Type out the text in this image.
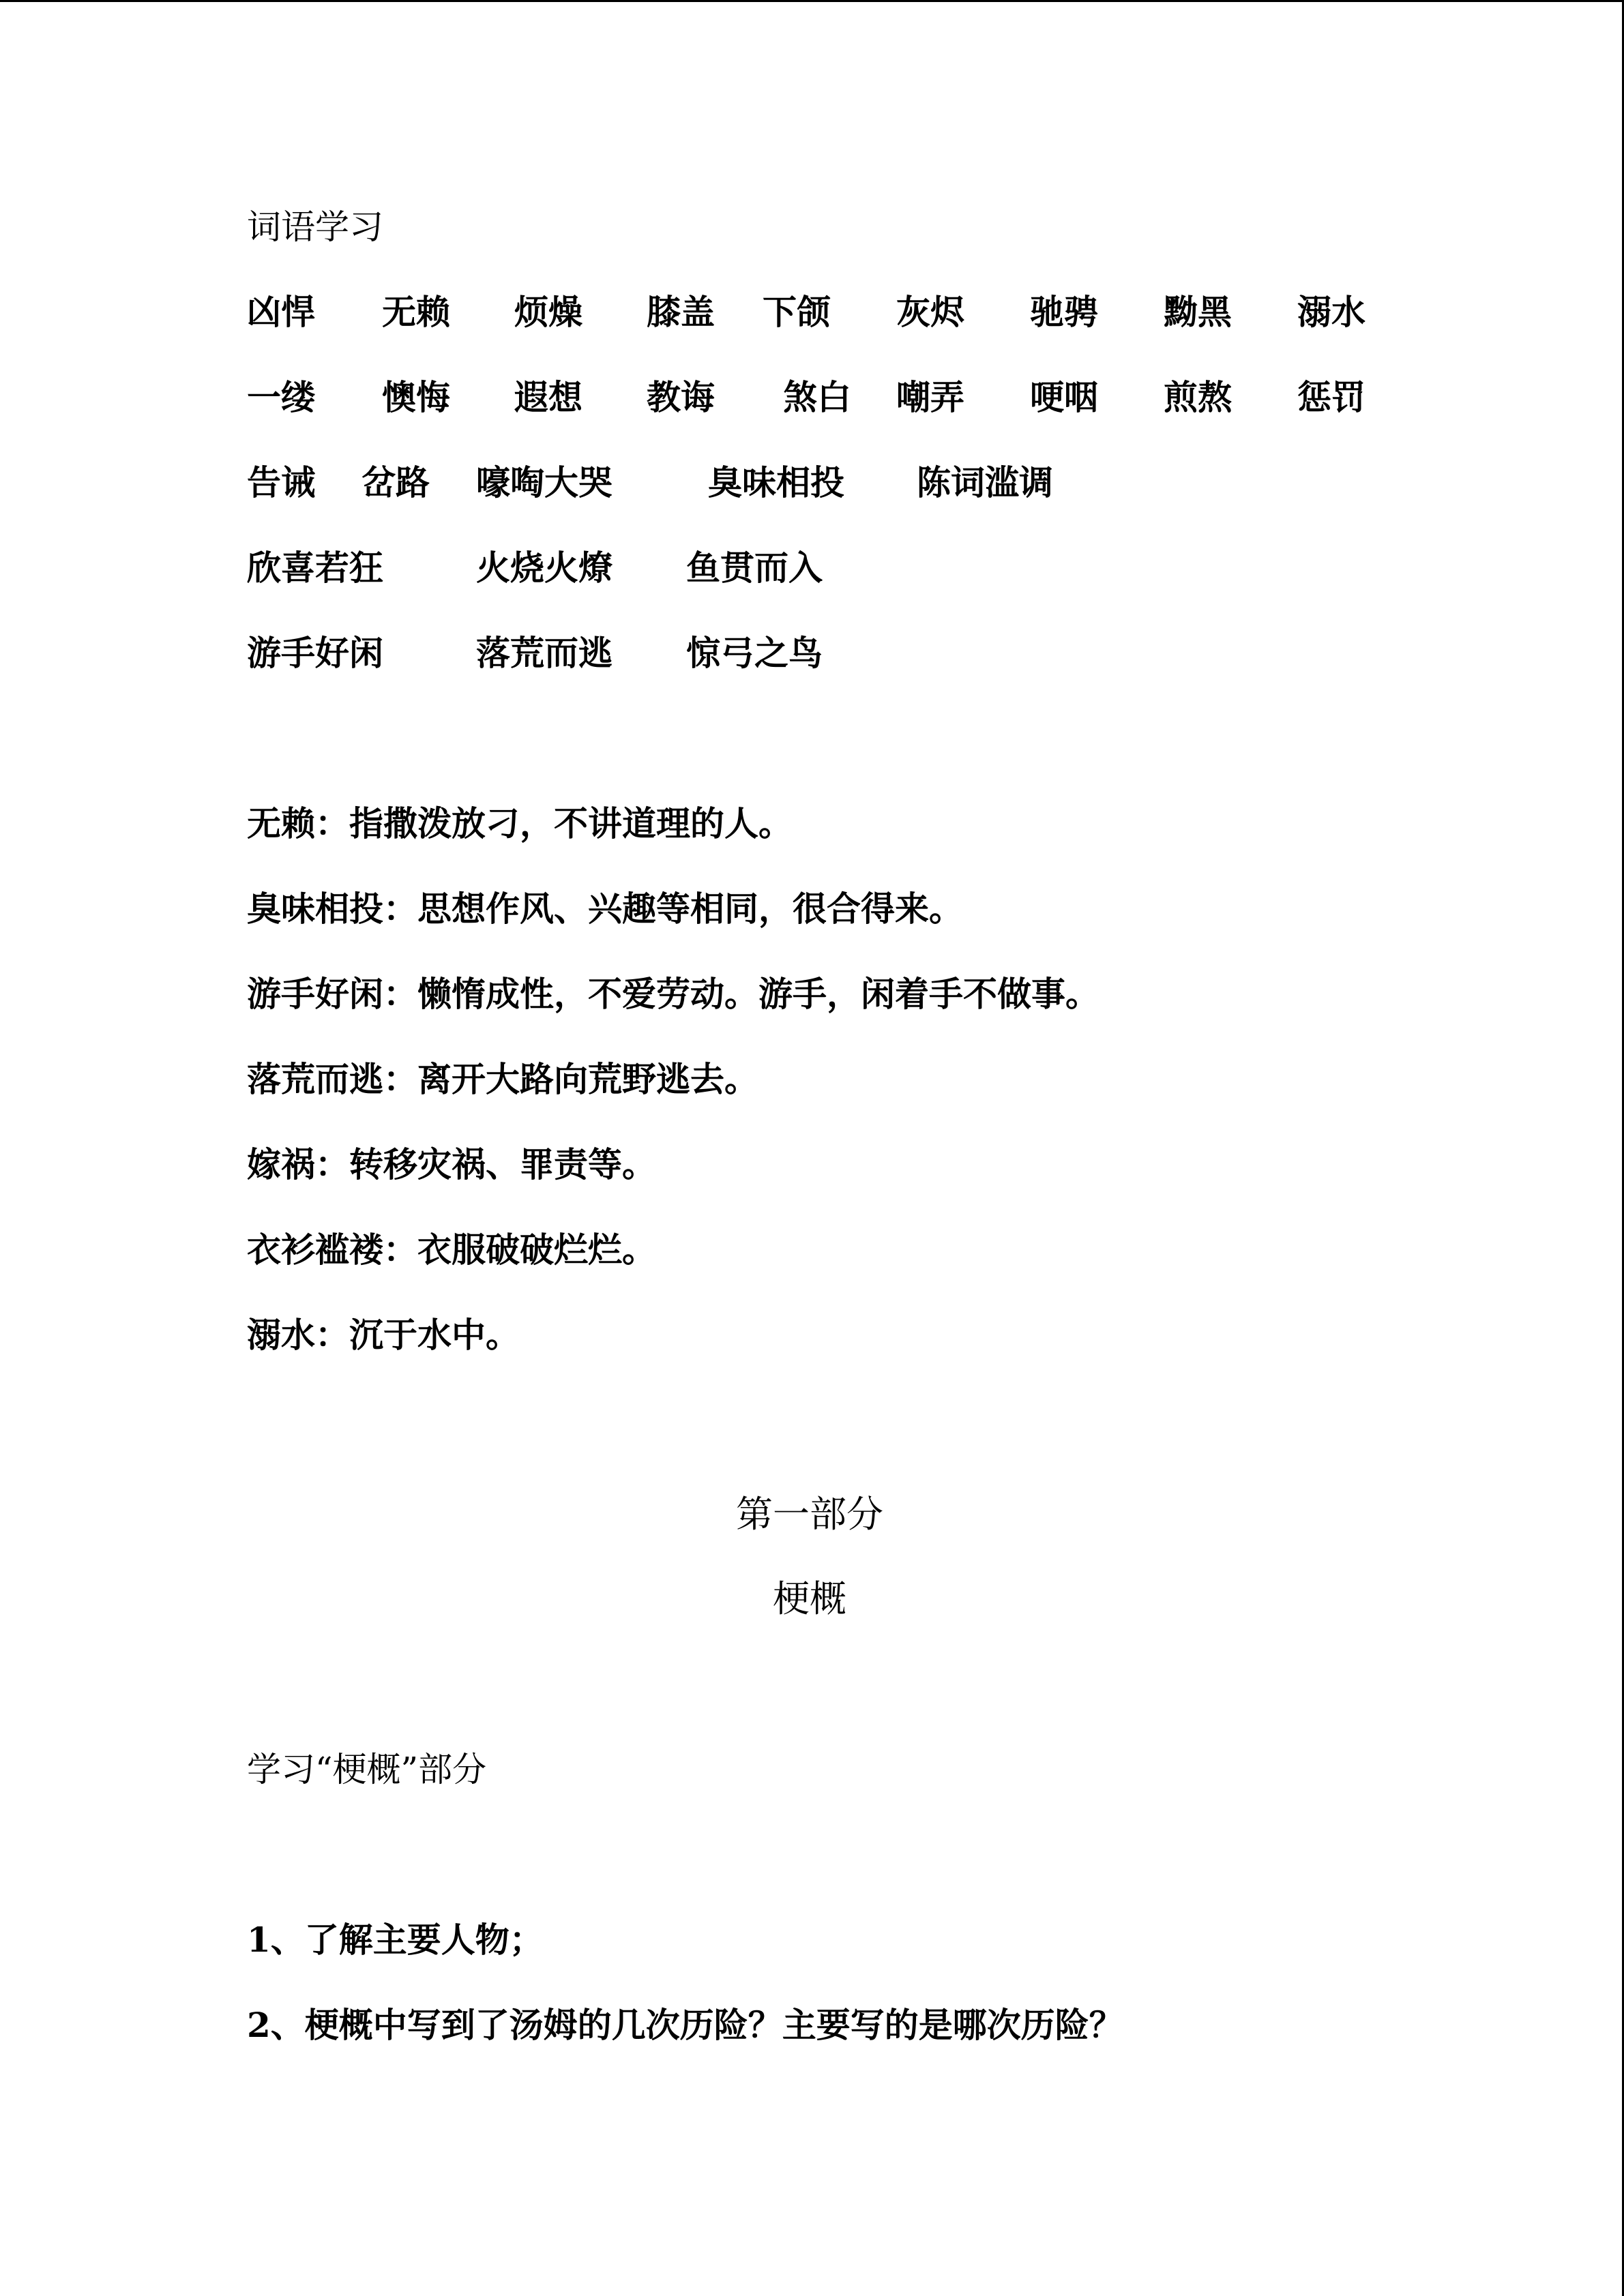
词语学习
凶悍 无赖 烦燥 膝盖 下颌 灰烬 驰骋 黝黑 溺水
一缕 懊悔 遐想 教诲 煞白 嘲弄 哽咽 煎熬 惩罚
告诫 岔路 嚎啕大哭	臭味相投 陈词滥调
欣喜若狂	火烧火燎 鱼贯而入
游手好闲	落荒而逃 惊弓之鸟
无赖：指撒泼放刁，不讲道理的人。
臭味相投：思想作风、兴趣等相同，很合得来。
游手好闲：懒惰成性，不爱劳动。游手，闲着手不做事。
落荒而逃：离开大路向荒野逃去。
嫁祸：转移灾祸、罪责等。
衣衫褴褛：衣服破破烂烂。
溺水：沉于水中。
第一部分
梗概
学习“梗概”部分
1、了解主要人物；
2、梗概中写到了汤姆的几次历险？主要写的是哪次历险？
